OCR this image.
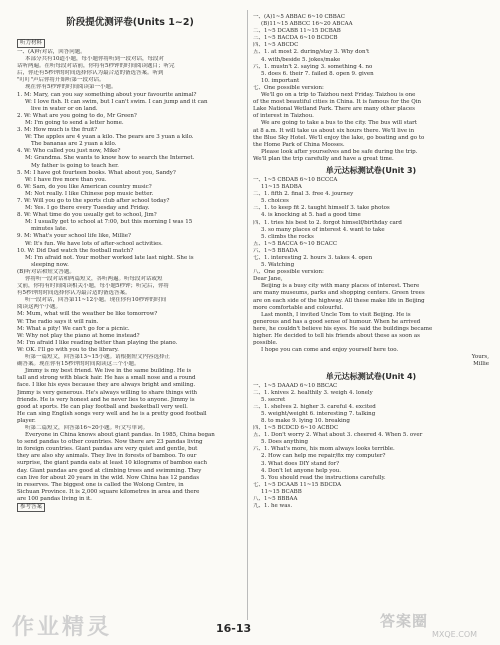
阶段提优测评卷(Units 1~2)
听力材料
一、(A)听对话，回答问题。
本部分共有10道小题，每小题你将听到一段对话，每段对
话听两遍。在听每段对话前，你将有5秒钟的时间阅读题目；听完
后，你还有5秒钟的时间选择你认为最合适的备选答案。听到
"叮叮"声后你将开始听第一段对话。
现在你有5秒钟的时间阅读第一小题。
1. M: Mary, can you say something about your favourite animal?
W: I love fish. It can swim, but I can't swim. I can jump and it can
live in water or on land.
2. W: What are you going to do, Mr Green?
M: I'm going to send a letter home.
3. M: How much is the fruit?
W: The apples are 4 yuan a kilo. The pears are 3 yuan a kilo.
The bananas are 2 yuan a kilo.
4. W: Who called you just now, Mike?
M: Grandma. She wants to know how to search the Internet.
My father is going to teach her.
5. M: I have got fourteen books. What about you, Sandy?
W: I have five more than you.
6. W: Sam, do you like American country music?
M: Not really. I like Chinese pop music better.
7. W: Will you go to the sports club after school today?
M: Yes. I go there every Tuesday and Friday.
8. W: What time do you usually get to school, Jim?
M: I usually get to school at 7:00, but this morning I was 15
minutes late.
9. M: What's your school life like, Millie?
W: It's fun. We have lots of after-school activities.
10. W: Did Dad watch the football match?
M: I'm afraid not. Your mother worked late last night. She is
sleeping now.
(B)听对话和短文答题。
你将听一段对话和两篇短文，各听两遍。听每段对话或短
文前，你将有时间阅读相关小题，每小题5秒钟；听完后，你将
有5秒钟的时间选择你认为最合适的备选答案。
听一段对话，回答第11~12小题。现在你有10秒钟的时间
阅读这两个小题。
M: Mum, what will the weather be like tomorrow?
W: The radio says it will rain.
M: What a pity! We can't go for a picnic.
W: Why not play the piano at home instead?
M: I'm afraid I like reading better than playing the piano.
W: OK. I'll go with you to the library.
听第一篇短文，回答第13~15小题。请根据短文内容选择正
确答案。现在你有15秒钟的时间阅读这三个小题。
Jimmy is my best friend. We live in the same building. He is
tall and strong with black hair. He has a small nose and a round
face. I like his eyes because they are always bright and smiling.
Jimmy is very generous. He's always willing to share things with
friends. He is very honest and he never lies to anyone. Jimmy is
good at sports. He can play football and basketball very well.
He can sing English songs very well and he is a pretty good football
player.
听第二篇短文，回答第16~20小题。听文写单词。
Everyone in China knows about giant pandas. In 1985, China began
to send pandas to other countries. Now there are 23 pandas living
in foreign countries. Giant pandas are very quiet and gentle, but
they are also shy animals. They live in forests of bamboo. To our
surprise, the giant panda eats at least 10 kilograms of bamboo each
day. Giant pandas are good at climbing trees and swimming. They
can live for about 20 years in the wild. Now China has 12 pandas
in reserves. The biggest one is called the Wolong Centre, in
Sichuan Province. It is 2,000 square kilometres in area and there
are 100 pandas living in it.
参考答案
一、(A)1~5 ABBAC 6~10 CBBAC
(B)11~15 ABBCC 16~20 ABCAA
二、1~5 DCABB 11~15 DCBAB
三、1~5 BACDA 6~10 BCDCB
四、1~5 ABCDC
五、1. at most 2. during/stay 3. Why don't
4. with/beside 5. jokes/make
六、1. mustn't 2. saying 3. something 4. no
5. does 6. their 7. failed 8. open 9. given
10. important
七、One possible version:
We'll go on a trip to Taizhou next Friday. Taizhou is one
of the most beautiful cities in China. It is famous for the Qin
Lake National Wetland Park. There are many other places
of interest in Taizhou.
We are going to take a bus to the city. The bus will start
at 8 a.m. It will take us about six hours there. We'll live in
the Blue Sky Hotel. We'll enjoy the lake, go boating and go to
the Home Park of China Mooses.
Please look after yourselves and be safe during the trip.
We'll plan the trip carefully and have a great time.
单元达标测试卷(Unit 3)
一、1~5 CBDAB 6~10 BCCCA
11~15 BADBA
二、1. fifth 2. final 3. free 4. journey
5. choices
三、1. to keep fit 2. taught himself 3. take photos
4. is knocking at 5. had a good time
四、1. tries his best to 2. forgot himself/birthday card
3. so many places of interest 4. want to take
5. climbs the rocks
五、1~5 BACCA 6~10 BCACC
六、1~5 BBADA
七、1. interesting 2. hours 3. takes 4. open
5. Watching
八、One possible version:
Dear Jane,
Beijing is a busy city with many places of interest. There
are many museums, parks and shopping centers. Green trees
are on each side of the highway. All these make life in Beijing
more comfortable and colourful.
Last month, I invited Uncle Tom to visit Beijing. He is
generous and has a good sense of humour. When he arrived
here, he couldn't believe his eyes. He said the buildings became
higher. He decided to tell his friends about these as soon as
possible.
I hope you can come and enjoy yourself here too.
Yours,
Millie
单元达标测试卷(Unit 4)
一、1~5 DAAAD 6~10 BBCAC
二、1. knives 2. healthily 3. weigh 4. lonely
5. secret
三、1. shelves 2. higher 3. careful 4. excited
5. weight/weight 6. interesting 7. talking
8. to make 9. lying 10. breaking
四、1~5 BCDCD 6~10 ACBDC
五、1. Don't worry 2. What about 3. cheered 4. When 5. over
5. Does anything
六、1. What's more, his mom always looks terrible.
2. How can help me repair/fix my computer?
3. What does DIY stand for?
4. Don't let anyone help you.
5. You should read the instructions carefully.
七、1~5 DCAAB 11~15 BDCDA
11~15 BCABB
八、1~5 BBBAA
九、1. he was.
16-13
作业精灵	答案圈
MXQE.COM
